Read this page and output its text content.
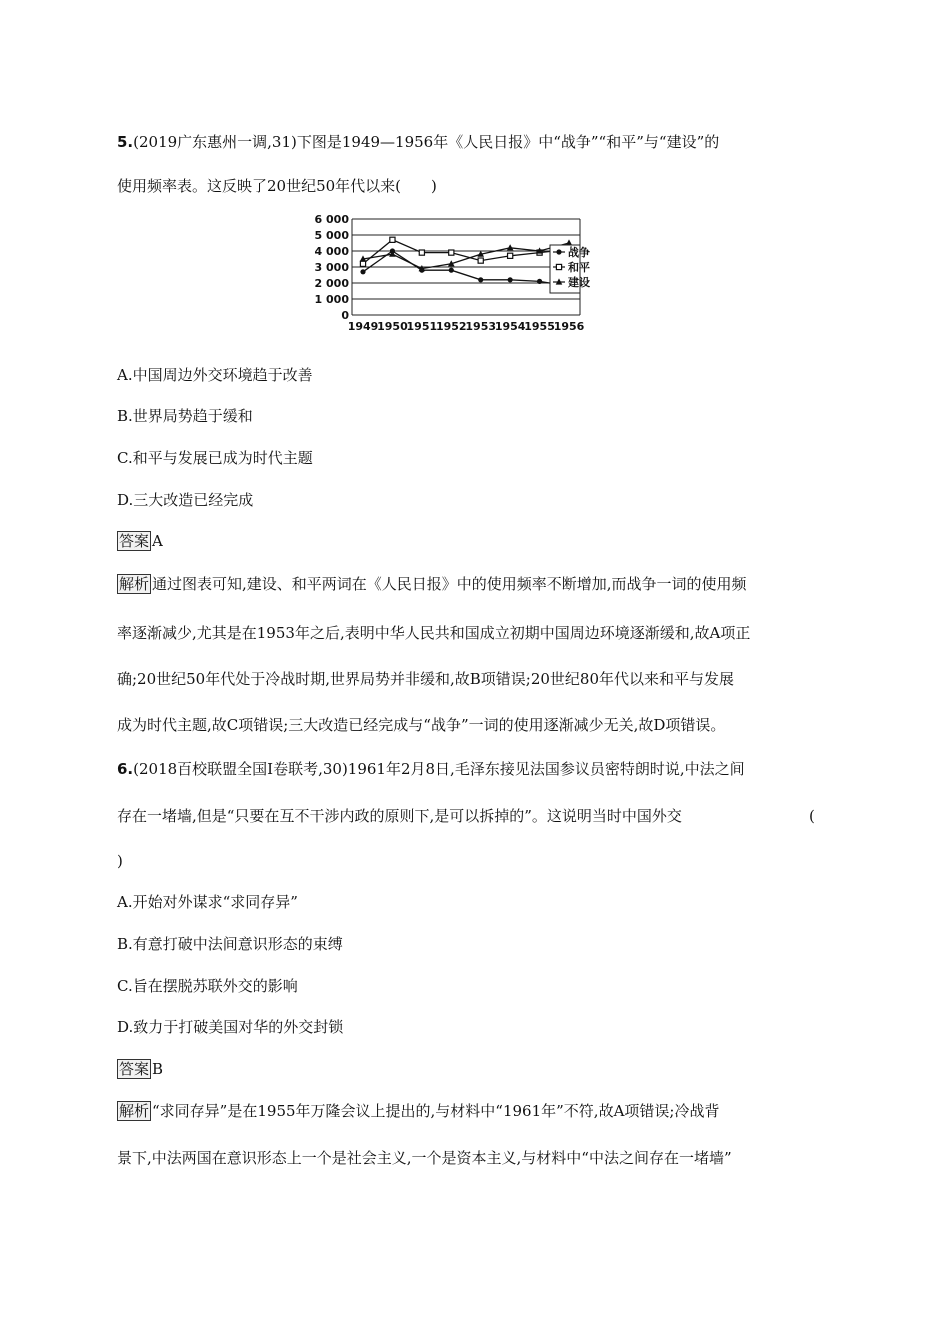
5.(2019广东惠州一调,31)下图是1949—1956年《人民日报》中“战争”“和平”与“建设”的
使用频率表。这反映了20世纪50年代以来(　　)
0
1 000
2 000
3 000
4 000
5 000
6 000
1949
1950
1951
1952
1953
1954
1955
1956
战争
和平
建设
A.中国周边外交环境趋于改善
B.世界局势趋于缓和
C.和平与发展已成为时代主题
D.三大改造已经完成
答案 A
解析 通过图表可知,建设、和平两词在《人民日报》中的使用频率不断增加,而战争一词的使用频
率逐渐减少,尤其是在1953年之后,表明中华人民共和国成立初期中国周边环境逐渐缓和,故A项正
确;20世纪50年代处于冷战时期,世界局势并非缓和,故B项错误;20世纪80年代以来和平与发展
成为时代主题,故C项错误;三大改造已经完成与“战争”一词的使用逐渐减少无关,故D项错误。
6.(2018百校联盟全国Ⅰ卷联考,30)1961年2月8日,毛泽东接见法国参议员密特朗时说,中法之间
存在一堵墙,但是“只要在互不干涉内政的原则下,是可以拆掉的”。这说明当时中国外交	(
)
A.开始对外谋求“求同存异”
B.有意打破中法间意识形态的束缚
C.旨在摆脱苏联外交的影响
D.致力于打破美国对华的外交封锁
答案 B
解析 “求同存异”是在1955年万隆会议上提出的,与材料中“1961年”不符,故A项错误;冷战背
景下,中法两国在意识形态上一个是社会主义,一个是资本主义,与材料中“中法之间存在一堵墙”
